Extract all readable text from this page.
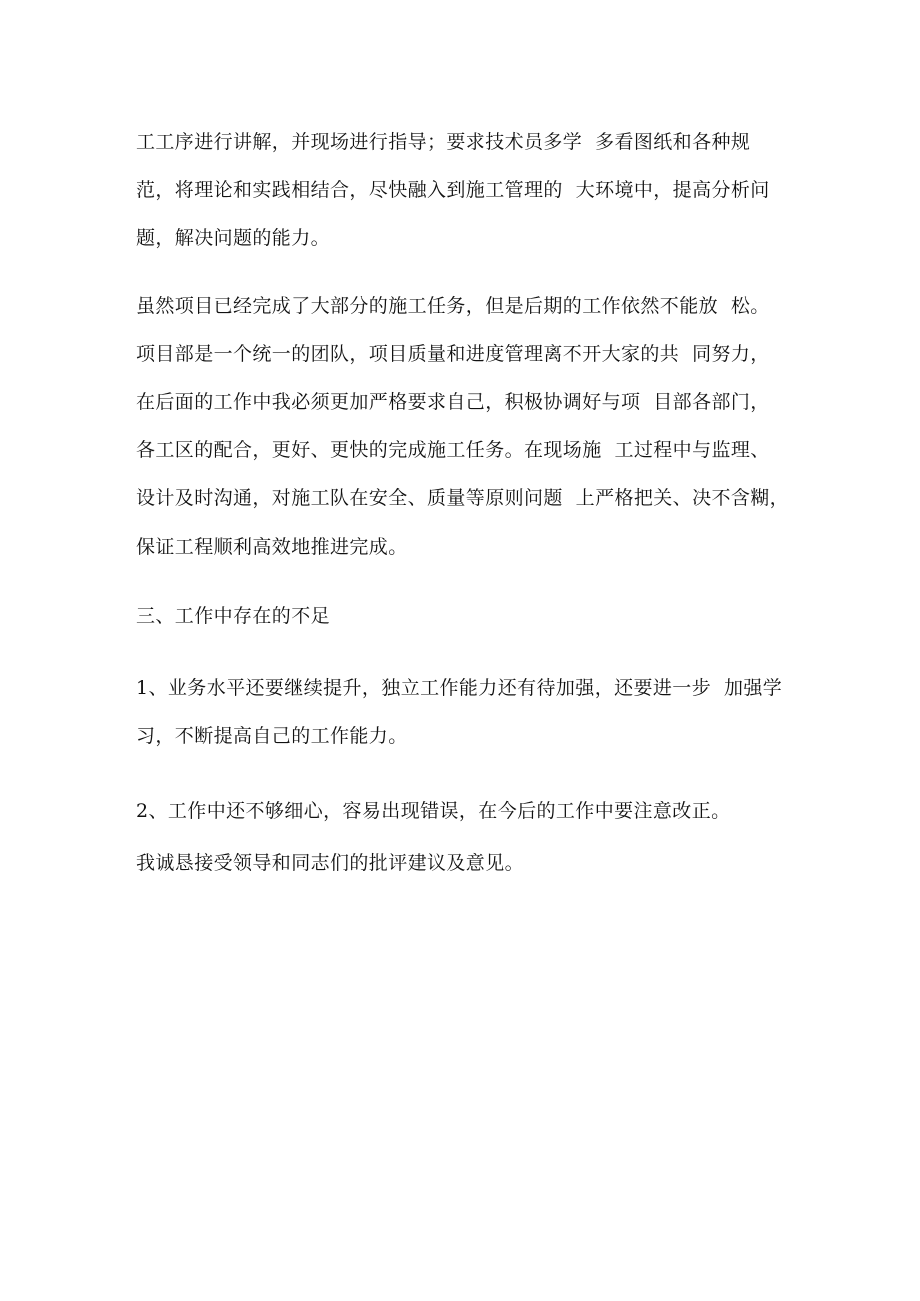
工工序进行讲解，并现场进行指导；要求技术员多学  多看图纸和各种规
范，将理论和实践相结合，尽快融入到施工管理的  大环境中，提高分析问
题，解决问题的能力。
虽然项目已经完成了大部分的施工任务，但是后期的工作依然不能放  松。
项目部是一个统一的团队，项目质量和进度管理离不开大家的共  同努力，
在后面的工作中我必须更加严格要求自己，积极协调好与项  目部各部门，
各工区的配合，更好、更快的完成施工任务。在现场施  工过程中与监理、
设计及时沟通，对施工队在安全、质量等原则问题  上严格把关、决不含糊，
保证工程顺利高效地推进完成。
三、工作中存在的不足
1、业务水平还要继续提升，独立工作能力还有待加强，还要进一步  加强学
习，不断提高自己的工作能力。
2、工作中还不够细心，容易出现错误，在今后的工作中要注意改正。
我诚恳接受领导和同志们的批评建议及意见。
